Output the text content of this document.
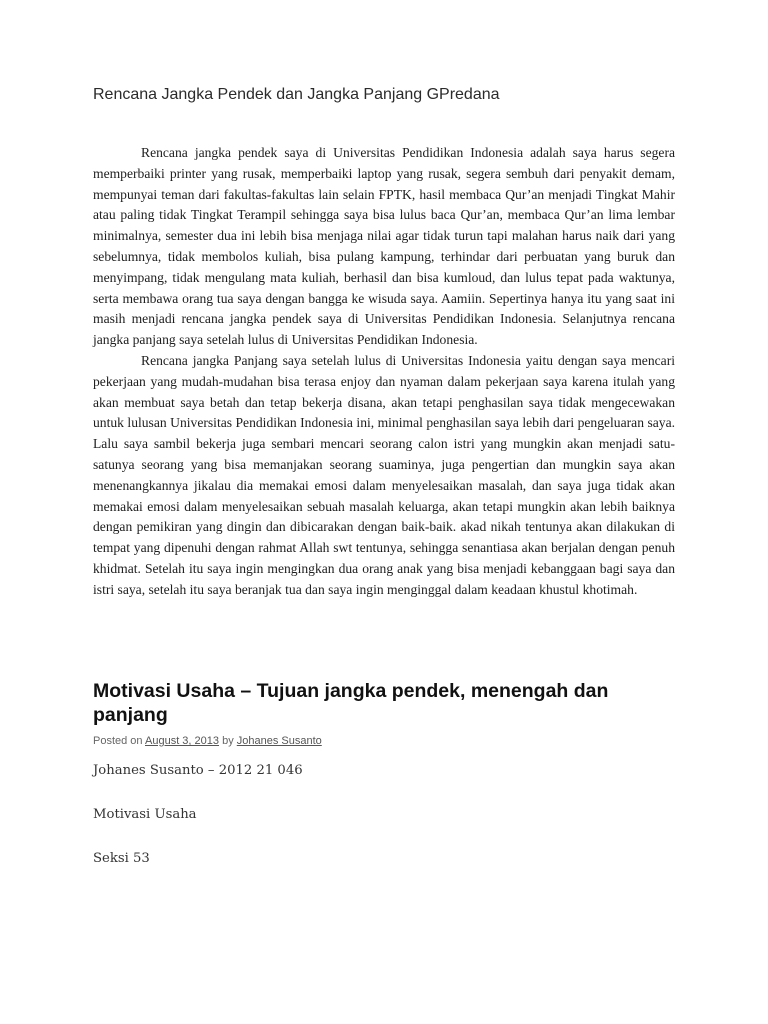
Rencana Jangka Pendek dan Jangka Panjang GPredana

Rencana jangka pendek saya di Universitas Pendidikan Indonesia adalah saya harus segera memperbaiki printer yang rusak, memperbaiki laptop yang rusak, segera sembuh dari penyakit demam, mempunyai teman dari fakultas-fakultas lain selain FPTK, hasil membaca Qur’an menjadi Tingkat Mahir atau paling tidak Tingkat Terampil sehingga saya bisa lulus baca Qur’an, membaca Qur’an lima lembar minimalnya, semester dua ini lebih bisa menjaga nilai agar tidak turun tapi malahan harus naik dari yang sebelumnya, tidak membolos kuliah, bisa pulang kampung, terhindar dari perbuatan yang buruk dan menyimpang, tidak mengulang mata kuliah, berhasil dan bisa kumloud, dan lulus tepat pada waktunya, serta membawa orang tua saya dengan bangga ke wisuda saya. Aamiin. Sepertinya hanya itu yang saat ini masih menjadi rencana jangka pendek saya di Universitas Pendidikan Indonesia. Selanjutnya rencana jangka panjang saya setelah lulus di Universitas Pendidikan Indonesia.

Rencana jangka Panjang saya setelah lulus di Universitas Indonesia yaitu dengan saya mencari pekerjaan yang mudah-mudahan bisa terasa enjoy dan nyaman dalam pekerjaan saya karena itulah yang akan membuat saya betah dan tetap bekerja disana, akan tetapi penghasilan saya tidak mengecewakan untuk lulusan Universitas Pendidikan Indonesia ini, minimal penghasilan saya lebih dari pengeluaran saya. Lalu saya sambil bekerja juga sembari mencari seorang calon istri yang mungkin akan menjadi satu-satunya seorang yang bisa memanjakan seorang suaminya, juga pengertian dan mungkin saya akan menenangkannya jikalau dia memakai emosi dalam menyelesaikan masalah, dan saya juga tidak akan memakai emosi dalam menyelesaikan sebuah masalah keluarga, akan tetapi mungkin akan lebih baiknya dengan pemikiran yang dingin dan dibicarakan dengan baik-baik. akad nikah tentunya akan dilakukan di tempat yang dipenuhi dengan rahmat Allah swt tentunya, sehingga senantiasa akan berjalan dengan penuh khidmat. Setelah itu saya ingin mengingkan dua orang anak yang bisa menjadi kebanggaan bagi saya dan istri saya, setelah itu saya beranjak tua dan saya ingin menginggal dalam keadaan khustul khotimah.

Motivasi Usaha – Tujuan jangka pendek, menengah dan panjang
Posted on August 3, 2013 by Johanes Susanto

Johanes Susanto – 2012 21 046

Motivasi Usaha

Seksi 53
